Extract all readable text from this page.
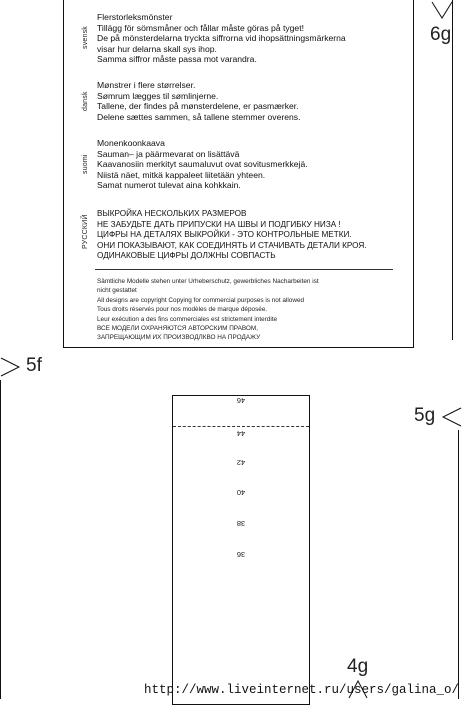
svensk
Flerstorleksmönster
Tillägg för sömsmåner och fållar måste göras på tyget!
De på mönsterdelarna tryckta siffrorna vid ihopsättningsmärkerna
visar hur delarna skall sys ihop.
Samma siffror måste passa mot varandra.
dansk
Mønstrer i flere størrelser.
Sømrum lægges til sømlinjerne.
Tallene, der findes på mønsterdelene, er pasmærker.
Delene sættes sammen, så tallene stemmer overens.
suomi
Monenkoonkaava
Sauman– ja päärmevarat on lisättävä
Kaavanosiin merkityt saumaluvut ovat sovitusmerkkejä.
Niistä näet, mitkä kappaleet liitetään yhteen.
Samat numerot tulevat aina kohkkain.
РУССКИЙ
ВЫКРОЙКА НЕСКОЛЬКИХ РАЗМЕРОВ
НЕ ЗАБУДЬТЕ ДАТЬ ПРИПУСКИ НА ШВЫ И ПОДГИБКУ НИЗА !
ЦИФРЫ НА ДЕТАЛЯХ ВЫКРОЙКИ - ЭТО КОНТРОЛЬНЫЕ МЕТКИ.
ОНИ ПОКАЗЫВАЮТ, КАК СОЕДИНЯТЬ И СТАЧИВАТЬ ДЕТАЛИ КРОЯ.
ОДИНАКОВЫЕ ЦИФРЫ ДОЛЖНЫ СОВПАСТЬ
Sämtliche Modelle stehen unter Urheberschutz, gewerbliches Nacharbeiten ist
nicht gestattet
All designs are copyright Copying for commercial purposes is not allowed
Tous droits réservés pour nos modèles de marque déposée.
Leur exécution a des fins commerciales est strictement interdite
ВСЕ МОДЕЛИ ОХРАНЯЮТСЯ АВТОРСКИМ ПРАВОМ,
ЗАПРЕЩАЮЩИМ ИХ ПРОИЗВОДЛКВО НА ПРОДАЖУ
6g
5f
5g
4g
46
44
42
40
38
36
http://www.liveinternet.ru/users/galina_o/
